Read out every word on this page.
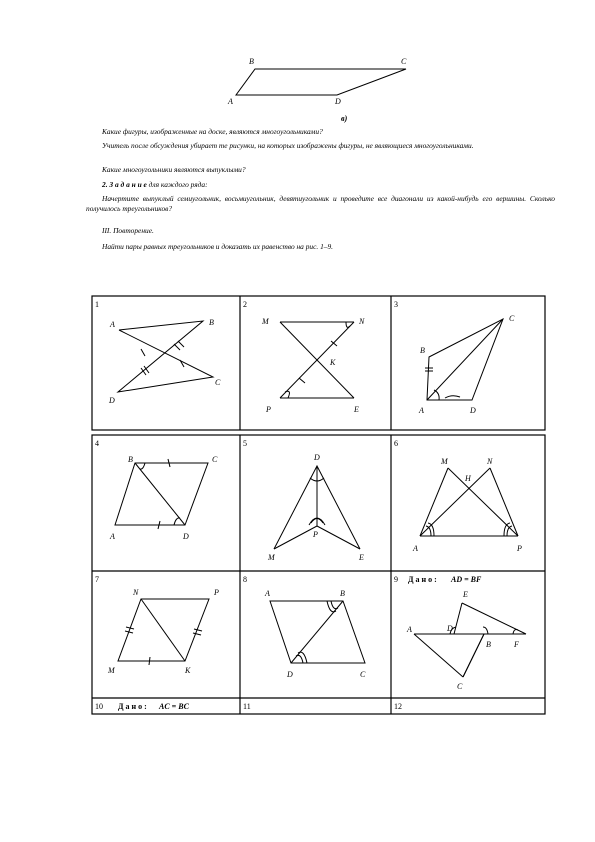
B	C
A	D
в)
Какие фигуры, изображенные на доске, являются многоугольниками?
Учитель после обсуждения убирает те рисунки, на которых изображены фигуры, не являющиеся многоугольниками.
Какие многоугольники являются выпуклыми?
2. З а д а н и е для каждого ряда:
Начертите выпуклый семиугольник, восьмиугольник, девятиугольник и проведите все диагонали из какой-нибудь его вершины. Сколько получилось треугольников?
III. Повторение.
Найти пары равных треугольников и доказать их равенство на рис. 1–9.
1	2	3
4	5	6
7	8	9
10	11	12
Д а н о : AD = BF
Д а н о : AC = BC
A	B
D
C
M	N
K
P	E
C
B
A	D
B	C
A	D
D
P
M	E
M	N
H
A	P
N	P
M	K
A	B
D	C
E
A	D
B	F
C
